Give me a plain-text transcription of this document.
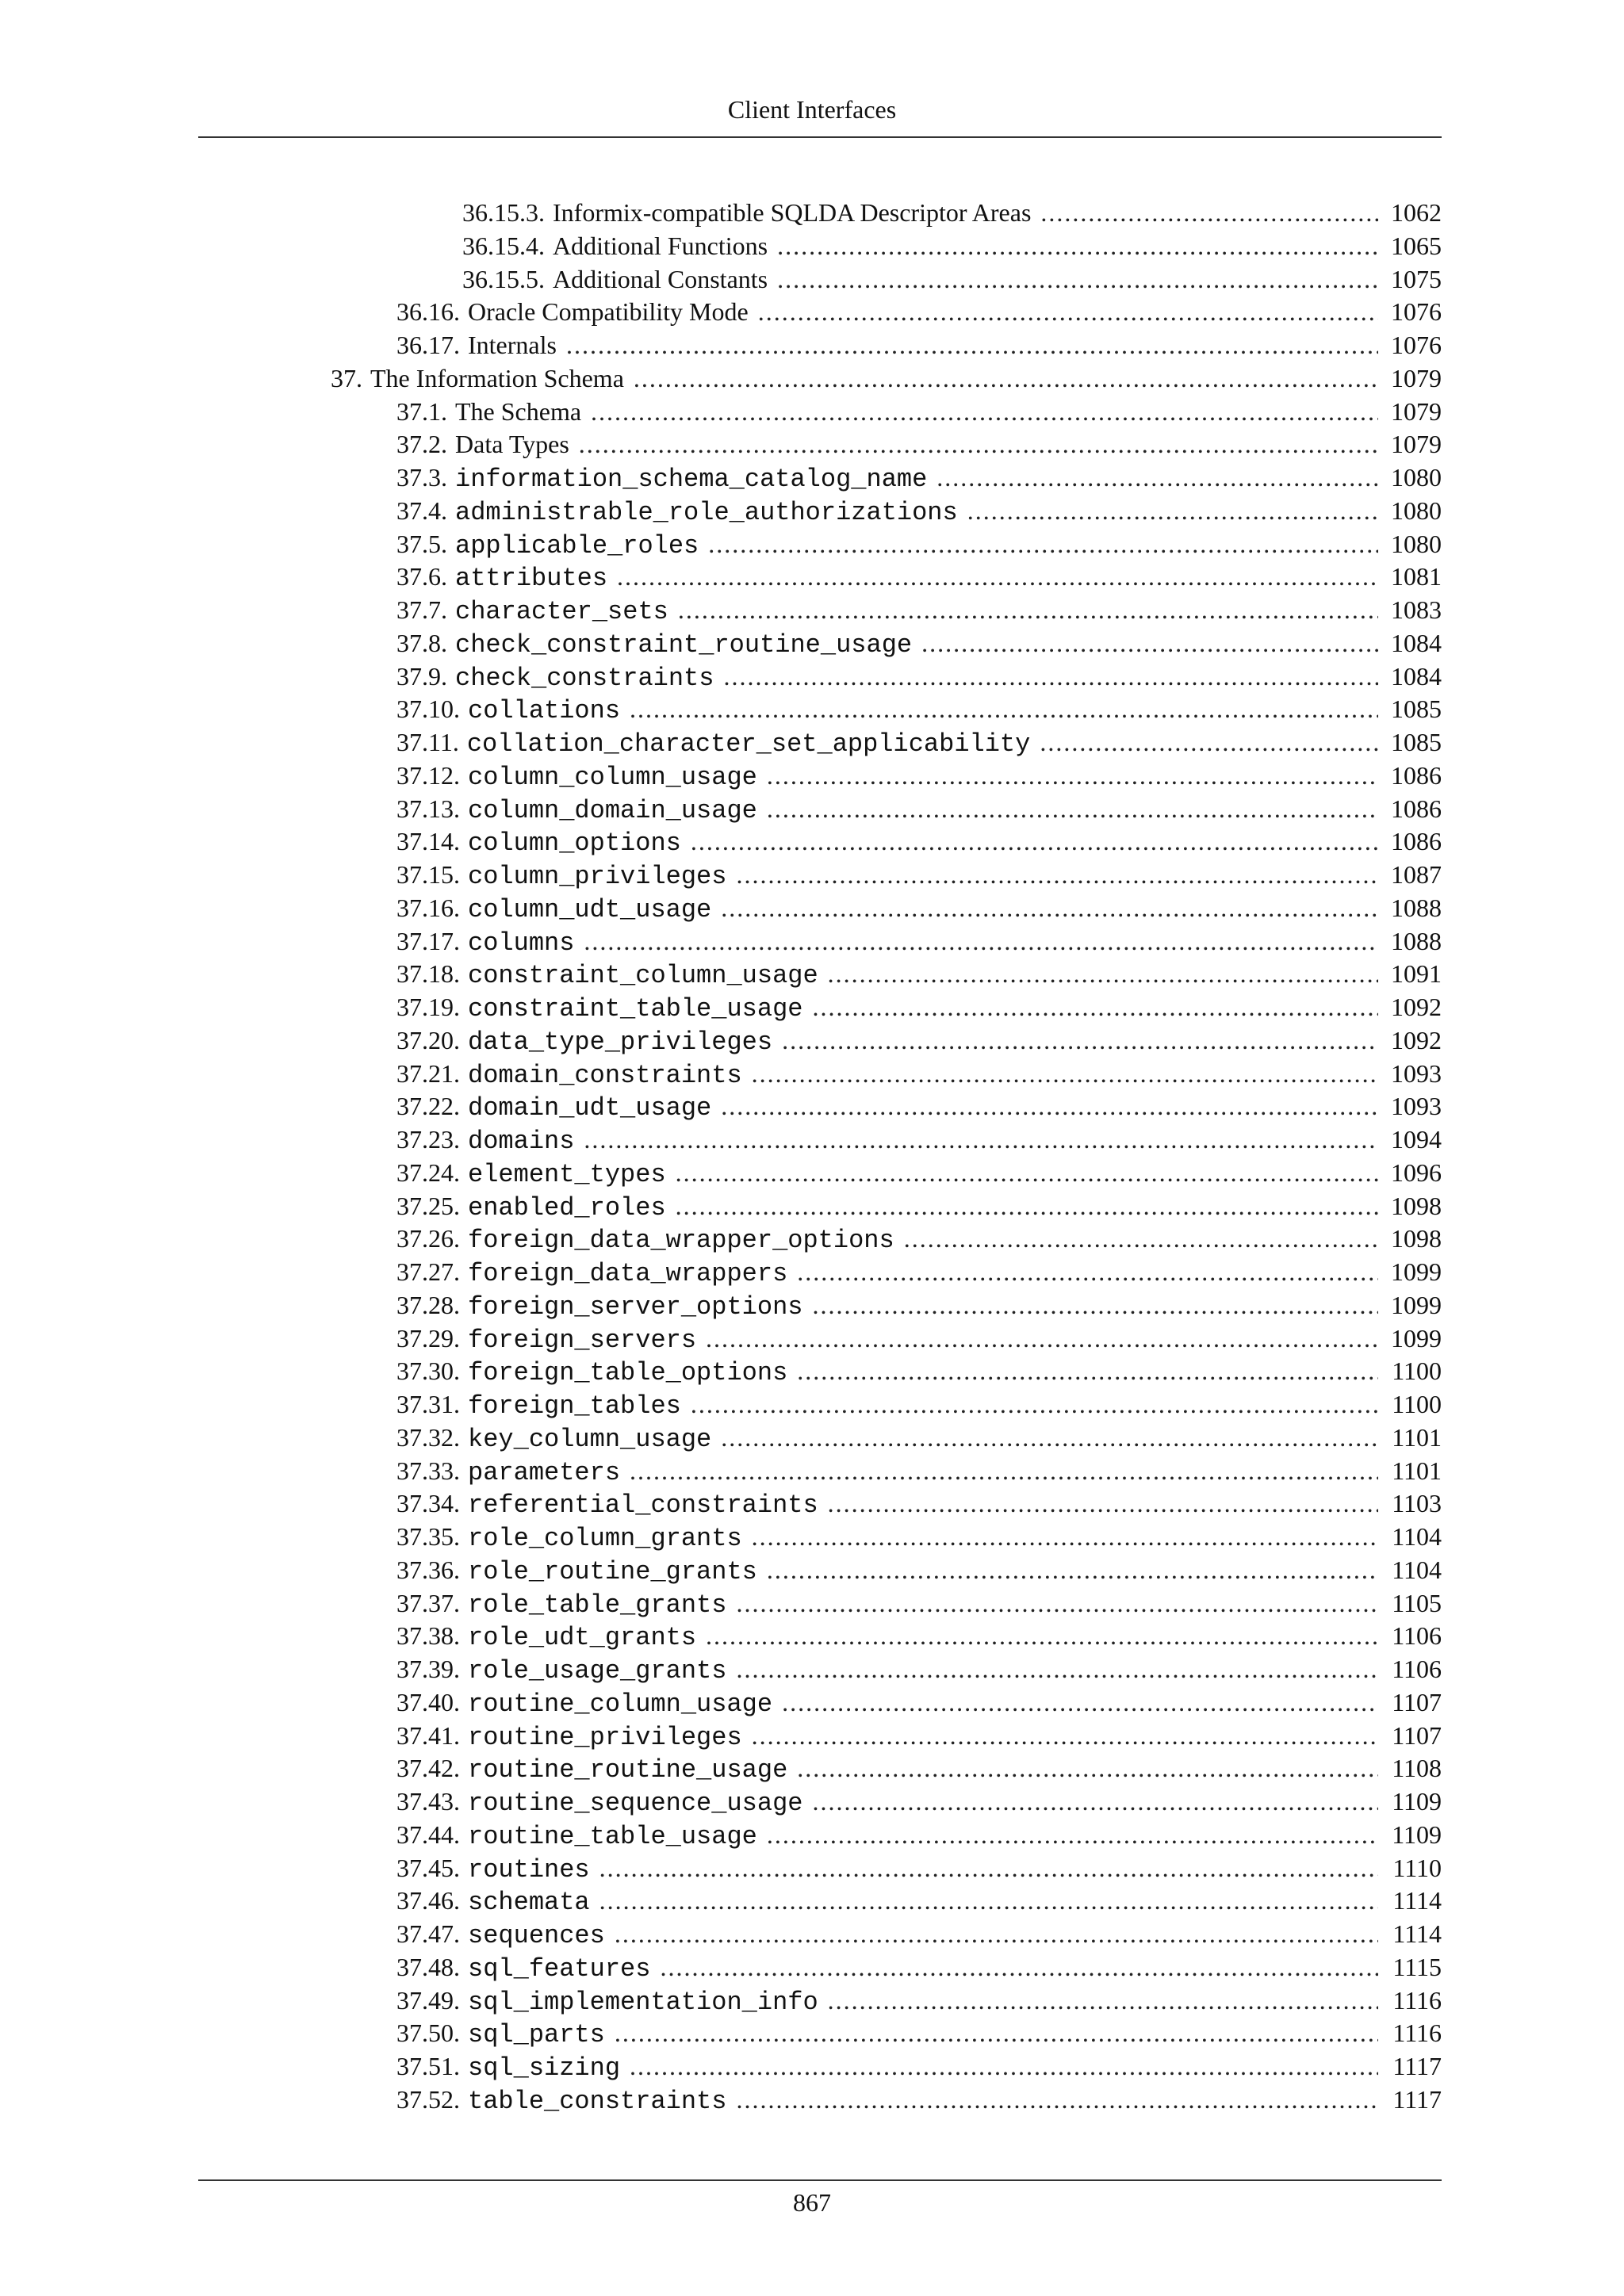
Client Interfaces
36.15.3. Informix-compatible SQLDA Descriptor Areas . . .	1062
36.15.4. Additional Functions . . .	1065
36.15.5. Additional Constants . . .	1075
36.16. Oracle Compatibility Mode . . .	1076
36.17. Internals . . .	1076
37. The Information Schema . . .	1079
37.1. The Schema . . .	1079
37.2. Data Types . . .	1079
37.3. information_schema_catalog_name . . .	1080
37.4. administrable_role_authorizations . . .	1080
37.5. applicable_roles . . .	1080
37.6. attributes . . .	1081
37.7. character_sets . . .	1083
37.8. check_constraint_routine_usage . . .	1084
37.9. check_constraints . . .	1084
37.10. collations . . .	1085
37.11. collation_character_set_applicability . . .	1085
37.12. column_column_usage . . .	1086
37.13. column_domain_usage . . .	1086
37.14. column_options . . .	1086
37.15. column_privileges . . .	1087
37.16. column_udt_usage . . .	1088
37.17. columns . . .	1088
37.18. constraint_column_usage . . .	1091
37.19. constraint_table_usage . . .	1092
37.20. data_type_privileges . . .	1092
37.21. domain_constraints . . .	1093
37.22. domain_udt_usage . . .	1093
37.23. domains . . .	1094
37.24. element_types . . .	1096
37.25. enabled_roles . . .	1098
37.26. foreign_data_wrapper_options . . .	1098
37.27. foreign_data_wrappers . . .	1099
37.28. foreign_server_options . . .	1099
37.29. foreign_servers . . .	1099
37.30. foreign_table_options . . .	1100
37.31. foreign_tables . . .	1100
37.32. key_column_usage . . .	1101
37.33. parameters . . .	1101
37.34. referential_constraints . . .	1103
37.35. role_column_grants . . .	1104
37.36. role_routine_grants . . .	1104
37.37. role_table_grants . . .	1105
37.38. role_udt_grants . . .	1106
37.39. role_usage_grants . . .	1106
37.40. routine_column_usage . . .	1107
37.41. routine_privileges . . .	1107
37.42. routine_routine_usage . . .	1108
37.43. routine_sequence_usage . . .	1109
37.44. routine_table_usage . . .	1109
37.45. routines . . .	1110
37.46. schemata . . .	1114
37.47. sequences . . .	1114
37.48. sql_features . . .	1115
37.49. sql_implementation_info . . .	1116
37.50. sql_parts . . .	1116
37.51. sql_sizing . . .	1117
37.52. table_constraints . . .	1117
867
